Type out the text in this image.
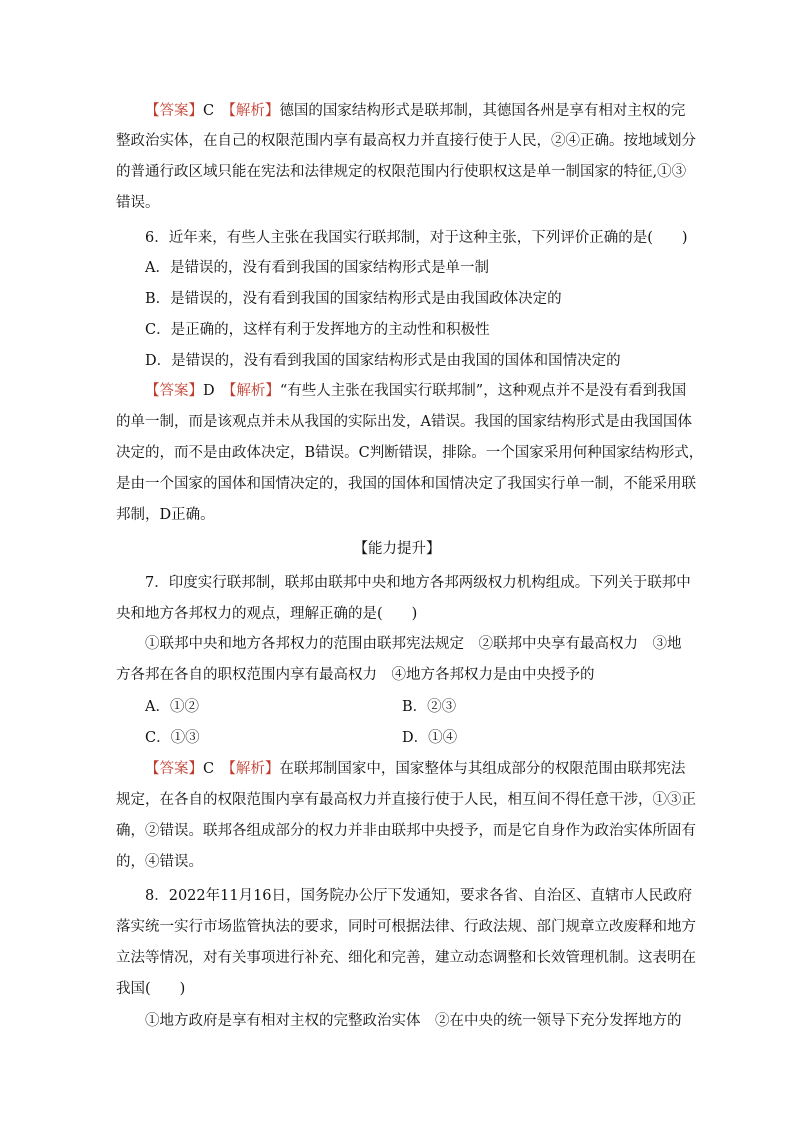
【答案】C　 【解析】德国的国家结构形式是联邦制，其德国各州是享有相对主权的完
整政治实体，在自己的权限范围内享有最高权力并直接行使于人民，②④正确。按地域划分
的普通行政区域只能在宪法和法律规定的权限范围内行使职权这是单一制国家的特征,①③
错误。
6．近年来，有些人主张在我国实行联邦制，对于这种主张，下列评价正确的是(　　)
A．是错误的，没有看到我国的国家结构形式是单一制
B．是错误的，没有看到我国的国家结构形式是由我国政体决定的
C．是正确的，这样有利于发挥地方的主动性和积极性
D．是错误的，没有看到我国的国家结构形式是由我国的国体和国情决定的
【答案】D　 【解析】“有些人主张在我国实行联邦制”，这种观点并不是没有看到我国
的单一制，而是该观点并未从我国的实际出发，A错误。我国的国家结构形式是由我国国体
决定的，而不是由政体决定，B错误。C判断错误，排除。一个国家采用何种国家结构形式，
是由一个国家的国体和国情决定的，我国的国体和国情决定了我国实行单一制，不能采用联
邦制，D正确。
【能力提升】
7．印度实行联邦制，联邦由联邦中央和地方各邦两级权力机构组成。下列关于联邦中
央和地方各邦权力的观点，理解正确的是(　　)
①联邦中央和地方各邦权力的范围由联邦宪法规定　②联邦中央享有最高权力　③地
方各邦在各自的职权范围内享有最高权力　④地方各邦权力是由中央授予的
A．①②	B．②③
C．①③	D．①④
【答案】C　 【解析】在联邦制国家中，国家整体与其组成部分的权限范围由联邦宪法
规定，在各自的权限范围内享有最高权力并直接行使于人民，相互间不得任意干涉，①③正
确，②错误。联邦各组成部分的权力并非由联邦中央授予，而是它自身作为政治实体所固有
的，④错误。
8．2022年11月16日，国务院办公厅下发通知，要求各省、自治区、直辖市人民政府
落实统一实行市场监管执法的要求，同时可根据法律、行政法规、部门规章立改废释和地方
立法等情况，对有关事项进行补充、细化和完善，建立动态调整和长效管理机制。这表明在
我国(　　)
①地方政府是享有相对主权的完整政治实体　②在中央的统一领导下充分发挥地方的
